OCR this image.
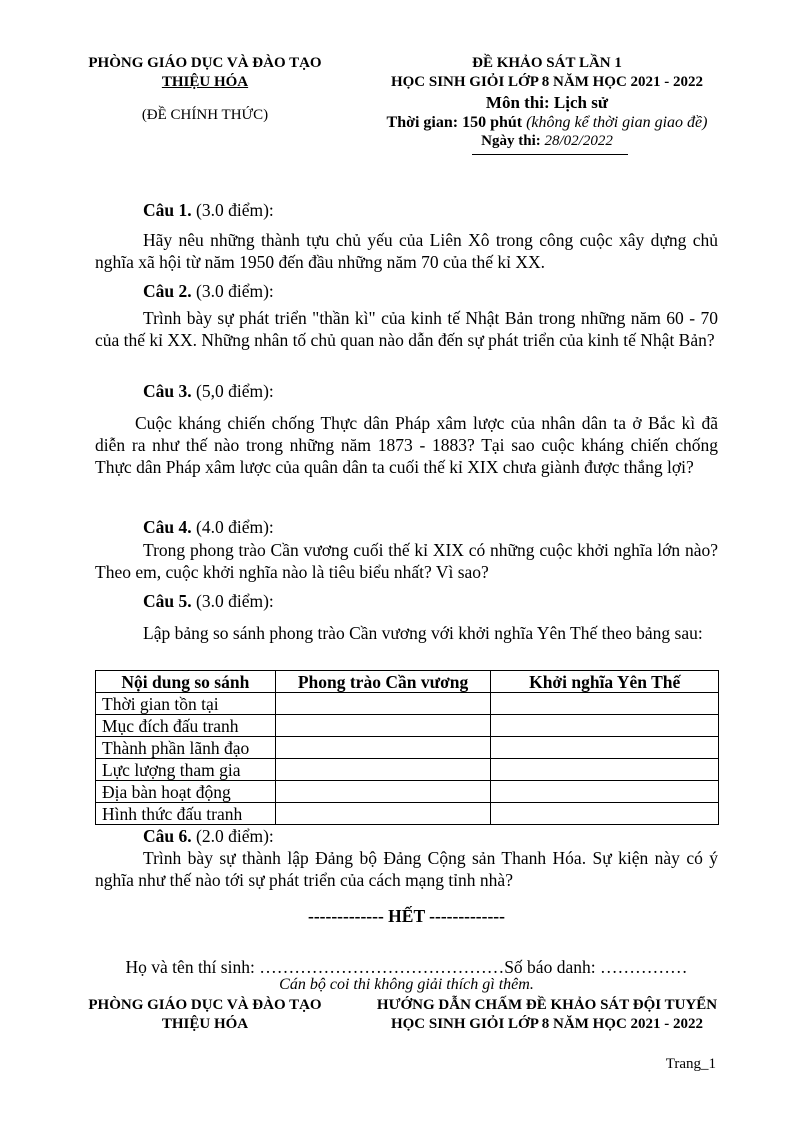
PHÒNG GIÁO DỤC VÀ ĐÀO TẠO
THIỆU HÓA
(ĐỀ CHÍNH THỨC)
ĐỀ KHẢO SÁT LẦN 1
HỌC SINH GIỎI LỚP 8 NĂM HỌC 2021 - 2022
Môn thi: Lịch sử
Thời gian: 150 phút (không kể thời gian giao đề)
Ngày thi: 28/02/2022
Câu 1. (3.0 điểm):
Hãy nêu những thành tựu chủ yếu của Liên Xô trong công cuộc xây dựng chủ nghĩa xã hội từ năm 1950 đến đầu những năm 70 của thế kỉ XX.
Câu 2. (3.0 điểm):
Trình bày sự phát triển "thần kì" của kinh tế Nhật Bản trong những năm 60 - 70 của thế kỉ XX. Những nhân tố chủ quan nào dẫn đến sự phát triển của kinh tế Nhật Bản?
Câu 3. (5,0 điểm):
Cuộc kháng chiến chống Thực dân Pháp xâm lược của nhân dân ta ở Bắc kì đã diễn ra như thế nào trong những năm 1873 - 1883? Tại sao cuộc kháng chiến chống Thực dân Pháp xâm lược của quân dân ta cuối thế kỉ XIX chưa giành được thắng lợi?
Câu 4. (4.0 điểm):
Trong phong trào Cần vương cuối thế kỉ XIX có những cuộc khởi nghĩa lớn nào? Theo em, cuộc khởi nghĩa nào là tiêu biểu nhất? Vì sao?
Câu 5. (3.0 điểm):
Lập bảng so sánh phong trào Cần vương với khởi nghĩa Yên Thế theo bảng sau:
Nội dung so sánh	Phong trào Cần vương	Khởi nghĩa Yên Thế
Thời gian tồn tại		
Mục đích đấu tranh		
Thành phần lãnh đạo		
Lực lượng tham gia		
Địa bàn hoạt động		
Hình thức đấu tranh		
Câu 6. (2.0 điểm):
Trình bày sự thành lập Đảng bộ Đảng Cộng sản Thanh Hóa. Sự kiện này có ý nghĩa như thế nào tới sự phát triển của cách mạng tỉnh nhà?
------------- HẾT -------------
Họ và tên thí sinh: ……………………………………Số báo danh: ……………
Cán bộ coi thi không giải thích gì thêm.
PHÒNG GIÁO DỤC VÀ ĐÀO TẠO
THIỆU HÓA
HƯỚNG DẪN CHẤM ĐỀ KHẢO SÁT ĐỘI TUYỂN
HỌC SINH GIỎI LỚP 8 NĂM HỌC 2021 - 2022
Trang_1
